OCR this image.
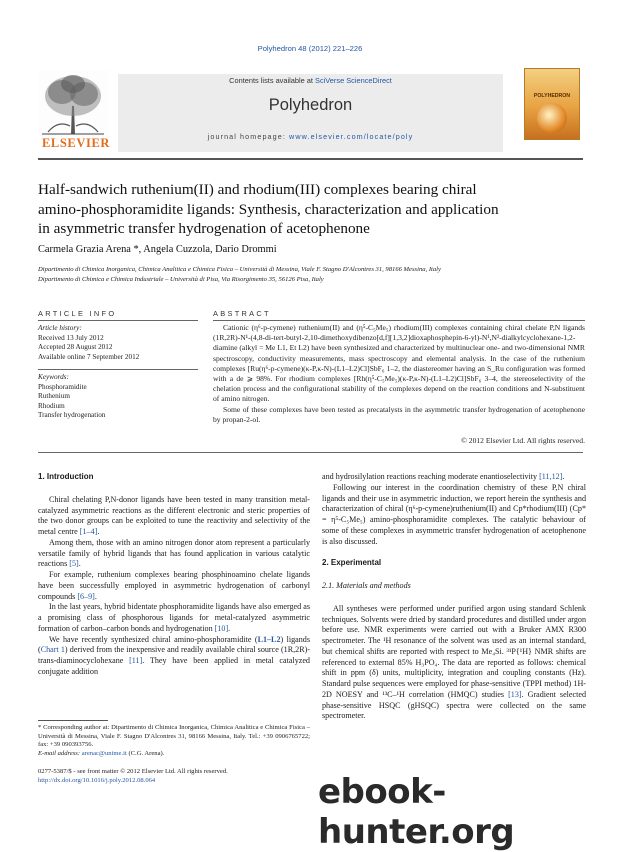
Polyhedron 48 (2012) 221–226
ELSEVIER
Contents lists available at SciVerse ScienceDirect
Polyhedron
journal homepage: www.elsevier.com/locate/poly
POLYHEDRON
Half-sandwich ruthenium(II) and rhodium(III) complexes bearing chiral
amino-phosphoramidite ligands: Synthesis, characterization and application
in asymmetric transfer hydrogenation of acetophenone
Carmela Grazia Arena *, Angela Cuzzola, Dario Drommi
Dipartimento di Chimica Inorganica, Chimica Analitica e Chimica Fisica – Università di Messina, Viale F. Stagno D'Alcontres 31, 98166 Messina, Italy
Dipartimento di Chimica e Chimica Industriale – Università di Pisa, Via Risorgimento 35, 56126 Pisa, Italy
ARTICLE INFO	ABSTRACT
Article history:
Received 13 July 2012
Accepted 28 August 2012
Available online 7 September 2012
Keywords:
Phosphoramidite
Ruthenium
Rhodium
Transfer hydrogenation

Cationic (η⁶-p-cymene) ruthenium(II) and (η⁵-C₅Me₅) rhodium(III) complexes containing chiral chelate P,N ligands (1R,2R)-N¹-(4,8-di-tert-butyl-2,10-dimethoxydibenzo[d,f][1,3,2]dioxaphosphepin-6-yl)-N¹,N²-dialkylcyclohexane-1,2-diamine (alkyl = Me L1, Et L2) have been synthesized and characterized by multinuclear one- and two-dimensional NMR spectroscopy, conductivity measurements, mass spectroscopy and elemental analysis. In the case of the ruthenium complexes [Ru(η⁶-p-cymene)(κ-P,κ-N)-(L1–L2)Cl]SbF₆ 1–2, the diastereomer having an S_Ru configuration was formed with a de ⩾ 98%. For rhodium complexes [Rh(η⁵-C₅Me₅)(κ-P,κ-N)-(L1–L2)Cl]SbF₆ 3–4, the stereoselectivity of the chelation process and the configurational stability of the complexes depend on the reaction conditions and N-substituent of amino nitrogen.

Some of these complexes have been tested as precatalysts in the asymmetric transfer hydrogenation of acetophenone by propan-2-ol.

© 2012 Elsevier Ltd. All rights reserved.
1. Introduction

Chiral chelating P,N-donor ligands have been tested in many transition metal-catalyzed asymmetric reactions as the different electronic and steric properties of the two donor groups can be exploited to tune the reactivity and selectivity of the metal centre [1–4].

Among them, those with an amino nitrogen donor atom represent a particularly versatile family of hybrid ligands that has found application in various catalytic reactions [5].

For example, ruthenium complexes bearing phosphinoamino chelate ligands have been successfully employed in asymmetric hydrogenation of carbonyl compounds [6–9].

In the last years, hybrid bidentate phosphoramidite ligands have also emerged as a promising class of phosphorous ligands for metal-catalyzed asymmetric formation of carbon–carbon bonds and hydrogenation [10].

We have recently synthesized chiral amino-phosphoramidite (L1–L2) ligands (Chart 1) derived from the inexpensive and readily available chiral source (1R,2R)-trans-diaminocyclohexane [11]. They have been applied in metal catalyzed conjugate addition

and hydrosilylation reactions reaching moderate enantioselectivity [11,12].

Following our interest in the coordination chemistry of these P,N chiral ligands and their use in asymmetric induction, we report herein the synthesis and characterization of chiral (η⁶-p-cymene)ruthenium(II) and Cp*rhodium(III) (Cp* = η⁵-C₅Me₅) amino-phosphoramidite complexes. The catalytic behaviour of some of these complexes in asymmetric transfer hydrogenation of acetophenone is also discussed.

2. Experimental
2.1. Materials and methods

All syntheses were performed under purified argon using standard Schlenk techniques. Solvents were dried by standard procedures and distilled under argon before use. NMR experiments were carried out with a Bruker AMX R300 spectrometer. The ¹H resonance of the solvent was used as an internal standard, but chemical shifts are reported with respect to Me₄Si. ³¹P{¹H} NMR shifts are referenced to external 85% H₃PO₄. The data are reported as follows: chemical shift in ppm (δ) units, multiplicity, integration and coupling constants (Hz). Standard pulse sequences were employed for phase-sensitive (TPPI method) 1H-2D NOESY and ¹³C–¹H correlation (HMQC) studies [13]. Gradient selected phase-sensitive HSQC (gHSQC) spectra were collected on the same spectrometer.

* Corresponding author at: Dipartimento di Chimica Inorganica, Chimica Analitica e Chimica Fisica – Università di Messina, Viale F. Stagno D'Alcontres 31, 98166 Messina, Italy. Tel.: +39 0906765722; fax: +39 090393756.
E-mail address: arenac@unime.it (C.G. Arena).
0277-5387/$ - see front matter © 2012 Elsevier Ltd. All rights reserved.
http://dx.doi.org/10.1016/j.poly.2012.08.064	ebook-hunter.org
